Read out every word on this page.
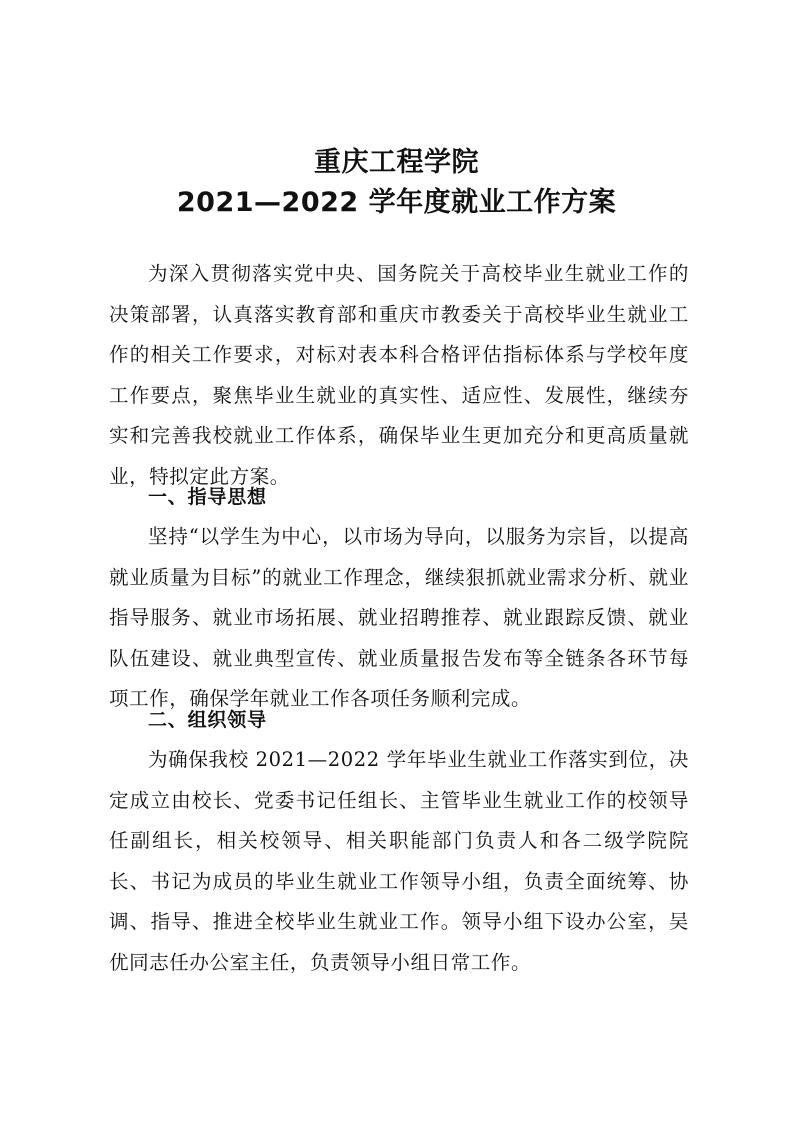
重庆工程学院
2021—2022 学年度就业工作方案
为深入贯彻落实党中央、国务院关于高校毕业生就业工作的决策部署，认真落实教育部和重庆市教委关于高校毕业生就业工作的相关工作要求，对标对表本科合格评估指标体系与学校年度工作要点，聚焦毕业生就业的真实性、适应性、发展性，继续夯实和完善我校就业工作体系，确保毕业生更加充分和更高质量就业，特拟定此方案。
一、指导思想
坚持“以学生为中心，以市场为导向，以服务为宗旨，以提高就业质量为目标”的就业工作理念，继续狠抓就业需求分析、就业指导服务、就业市场拓展、就业招聘推荐、就业跟踪反馈、就业队伍建设、就业典型宣传、就业质量报告发布等全链条各环节每项工作，确保学年就业工作各项任务顺利完成。
二、组织领导
为确保我校 2021—2022 学年毕业生就业工作落实到位，决定成立由校长、党委书记任组长、主管毕业生就业工作的校领导任副组长，相关校领导、相关职能部门负责人和各二级学院院长、书记为成员的毕业生就业工作领导小组，负责全面统筹、协调、指导、推进全校毕业生就业工作。领导小组下设办公室，吴优同志任办公室主任，负责领导小组日常工作。
